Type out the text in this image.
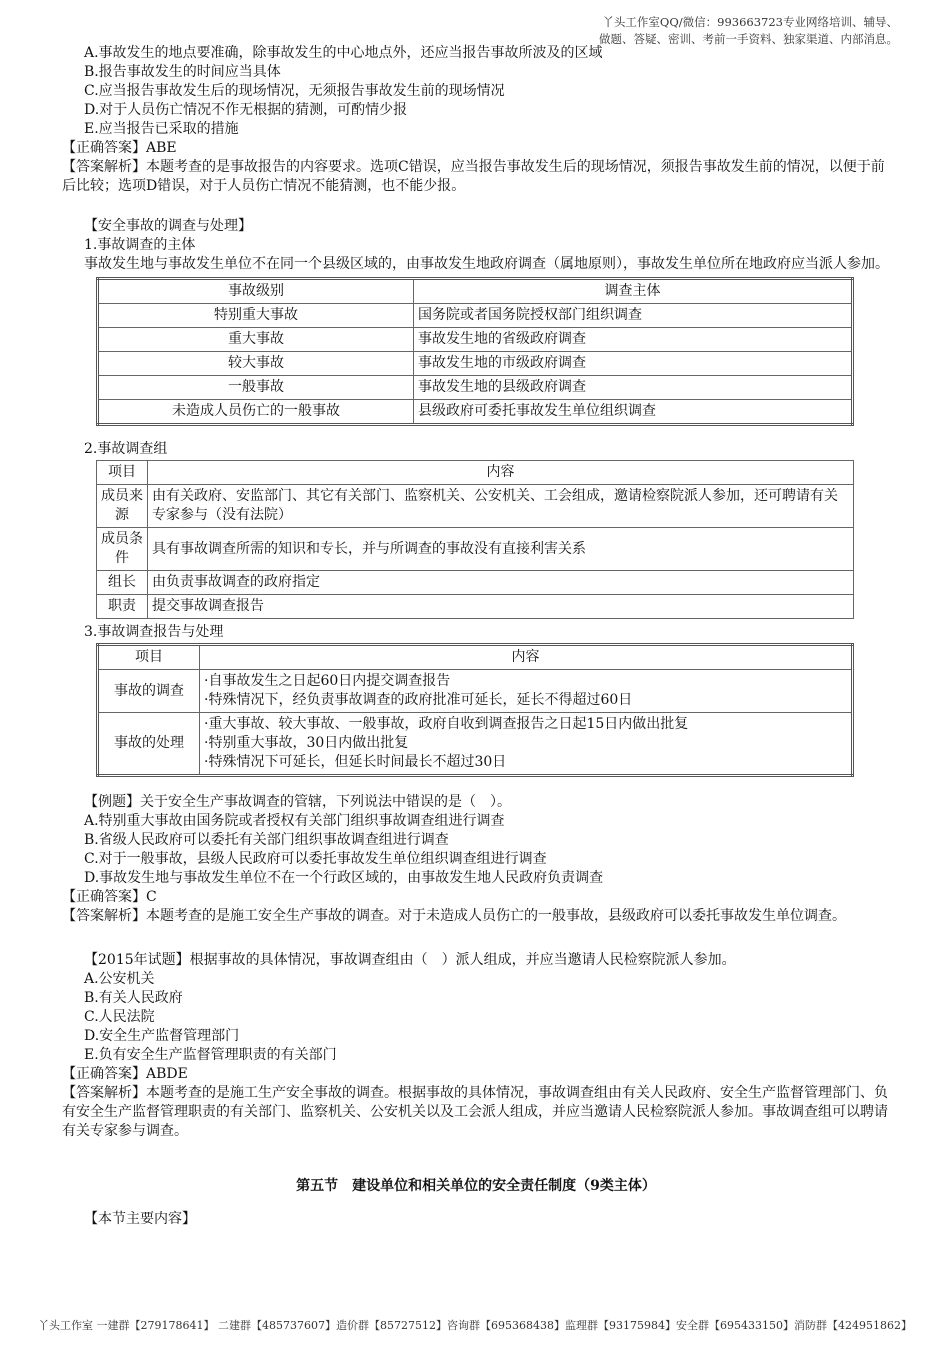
丫头工作室QQ/微信：993663723专业网络培训、辅导、
做题、答疑、密训、考前一手资料、独家渠道、内部消息。
A.事故发生的地点要准确，除事故发生的中心地点外，还应当报告事故所波及的区域
B.报告事故发生的时间应当具体
C.应当报告事故发生后的现场情况，无须报告事故发生前的现场情况
D.对于人员伤亡情况不作无根据的猜测，可酌情少报
E.应当报告已采取的措施
【正确答案】ABE
【答案解析】本题考查的是事故报告的内容要求。选项C错误，应当报告事故发生后的现场情况，须报告事故发生前的情况，以便于前后比较；选项D错误，对于人员伤亡情况不能猜测，也不能少报。
【安全事故的调查与处理】
1.事故调查的主体
事故发生地与事故发生单位不在同一个县级区域的，由事故发生地政府调查（属地原则），事故发生单位所在地政府应当派人参加。
事故级别	调查主体
特别重大事故	国务院或者国务院授权部门组织调查
重大事故	事故发生地的省级政府调查
较大事故	事故发生地的市级政府调查
一般事故	事故发生地的县级政府调查
未造成人员伤亡的一般事故	县级政府可委托事故发生单位组织调查
2.事故调查组
项目	内容
成员来源	由有关政府、安监部门、其它有关部门、监察机关、公安机关、工会组成，邀请检察院派人参加，还可聘请有关专家参与（没有法院）
成员条件	具有事故调查所需的知识和专长，并与所调查的事故没有直接利害关系
组长	由负责事故调查的政府指定
职责	提交事故调查报告
3.事故调查报告与处理
项目	内容
事故的调查	·自事故发生之日起60日内提交调查报告
·特殊情况下，经负责事故调查的政府批准可延长，延长不得超过60日

事故的处理	·重大事故、较大事故、一般事故，政府自收到调查报告之日起15日内做出批复
·特别重大事故，30日内做出批复
·特殊情况下可延长，但延长时间最长不超过30日
【例题】关于安全生产事故调查的管辖，下列说法中错误的是（　）。
A.特别重大事故由国务院或者授权有关部门组织事故调查组进行调查
B.省级人民政府可以委托有关部门组织事故调查组进行调查
C.对于一般事故，县级人民政府可以委托事故发生单位组织调查组进行调查
D.事故发生地与事故发生单位不在一个行政区域的，由事故发生地人民政府负责调查
【正确答案】C
【答案解析】本题考查的是施工安全生产事故的调查。对于未造成人员伤亡的一般事故，县级政府可以委托事故发生单位调查。
【2015年试题】根据事故的具体情况，事故调查组由（　）派人组成，并应当邀请人民检察院派人参加。
A.公安机关
B.有关人民政府
C.人民法院
D.安全生产监督管理部门
E.负有安全生产监督管理职责的有关部门
【正确答案】ABDE
【答案解析】本题考查的是施工生产安全事故的调查。根据事故的具体情况，事故调查组由有关人民政府、安全生产监督管理部门、负有安全生产监督管理职责的有关部门、监察机关、公安机关以及工会派人组成，并应当邀请人民检察院派人参加。事故调查组可以聘请有关专家参与调查。
第五节　建设单位和相关单位的安全责任制度（9类主体）
【本节主要内容】
丫头工作室 一建群【279178641】 二建群【485737607】造价群【85727512】咨询群【695368438】监理群【93175984】安全群【695433150】消防群【424951862】
